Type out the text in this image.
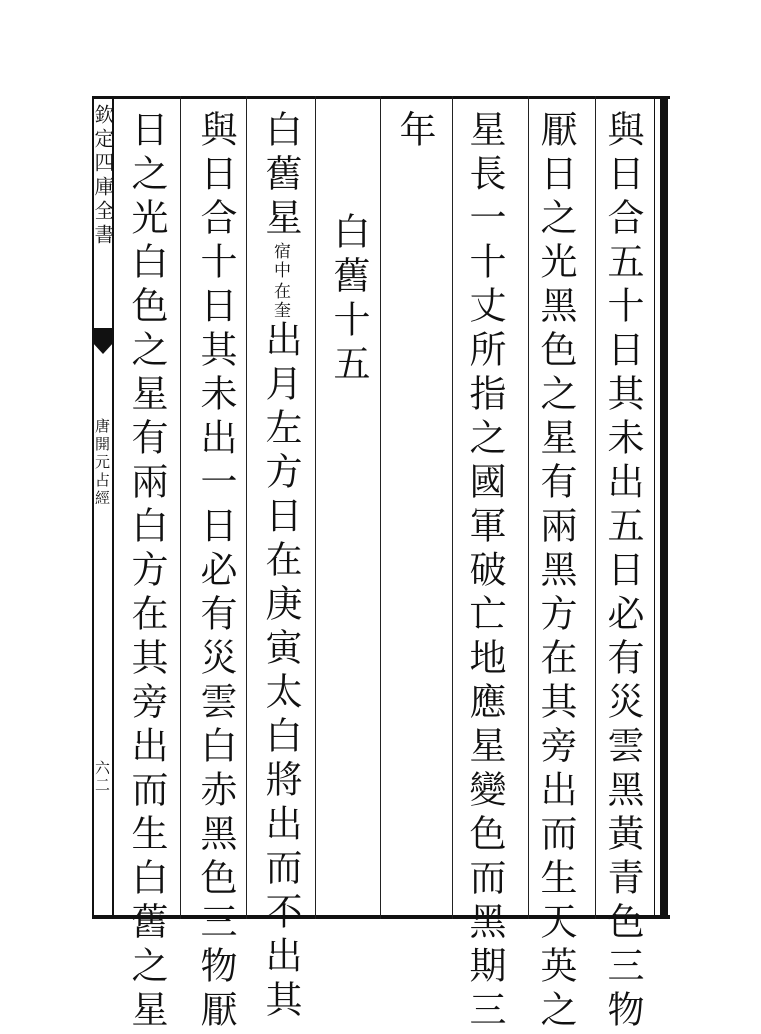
欽定四庫全書
唐開元占經
六二	與日合五十日其未出五日必有災雲黑黃青色三物
厭日之光黑色之星有兩黑方在其旁出而生天英之
星長一十丈所指之國軍破亡地應星變色而黑期三
年
白舊十五
白舊星
在奎
宿中
出月左方日在庚寅太白將出而不出其
與日合十日其未出一日必有災雲白赤黑色三物厭
日之光白色之星有兩白方在其旁出而生白舊之星
